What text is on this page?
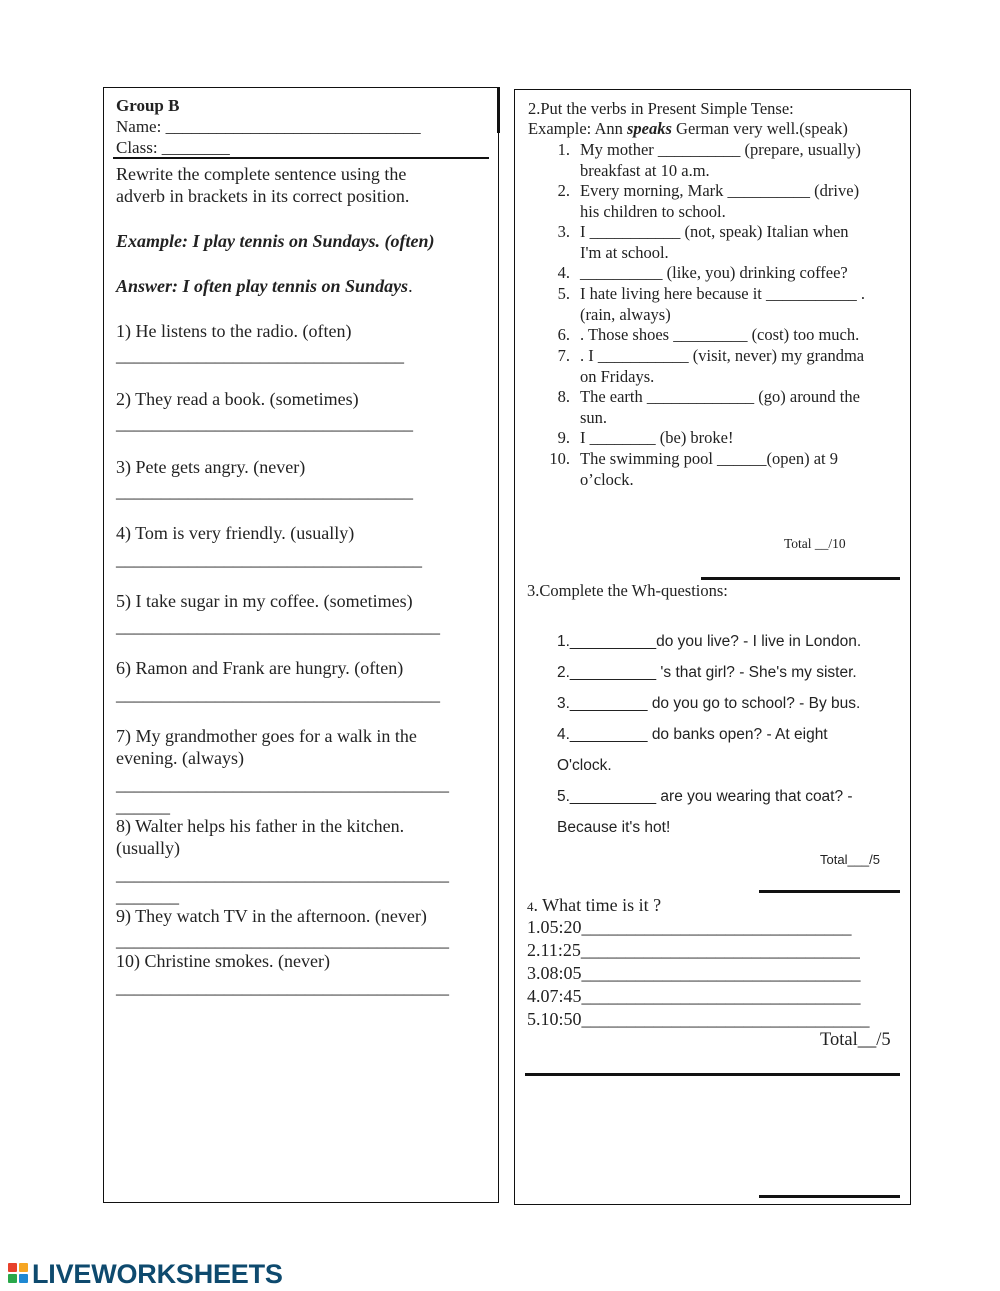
Group B
Name: ______________________________
Class: ________
Rewrite the complete sentence using the
adverb in brackets in its correct position.
Example: I play tennis on Sundays. (often)
Answer: I often play tennis on Sundays.
1) He listens to the radio. (often)
________________________________
2) They read a book. (sometimes)
_________________________________
3) Pete gets angry. (never)
_________________________________
4) Tom is very friendly. (usually)
__________________________________
5) I take sugar in my coffee. (sometimes)
____________________________________
6) Ramon and Frank are hungry. (often)
____________________________________
7) My grandmother goes for a walk in the
evening. (always)
_____________________________________
______
8) Walter helps his father in the kitchen.
(usually)
_____________________________________
_______
9) They watch TV in the afternoon. (never)
_____________________________________
10) Christine smokes. (never)
_____________________________________
2.Put the verbs in Present Simple Tense:
Example: Ann speaks German very well.(speak)
1. My mother __________ (prepare, usually)
breakfast at 10 a.m.
2. Every morning, Mark __________ (drive)
his children to school.
3. I ___________ (not, speak) Italian when
I'm at school.
4. __________ (like, you) drinking coffee?
5. I hate living here because it ___________ .
(rain, always)
6. . Those shoes _________ (cost) too much.
7. . I ___________ (visit, never) my grandma
on Fridays.
8. The earth _____________ (go) around the
sun.
9. I ________ (be) broke!
10. The swimming pool ______(open) at 9
o’clock.
Total __/10
3.Complete the Wh-questions:
1.__________do you live? - I live in London.
2.__________ 's that girl? - She's my sister.
3._________ do you go to school? - By bus.
4._________ do banks open? - At eight
O'clock.
5.__________ are you wearing that coat? -
Because it's hot!
Total___/5
4. What time is it ?
1.05:20______________________________
2.11:25_______________________________
3.08:05_______________________________
4.07:45_______________________________
5.10:50________________________________
Total__/5
LIVEWORKSHEETS
